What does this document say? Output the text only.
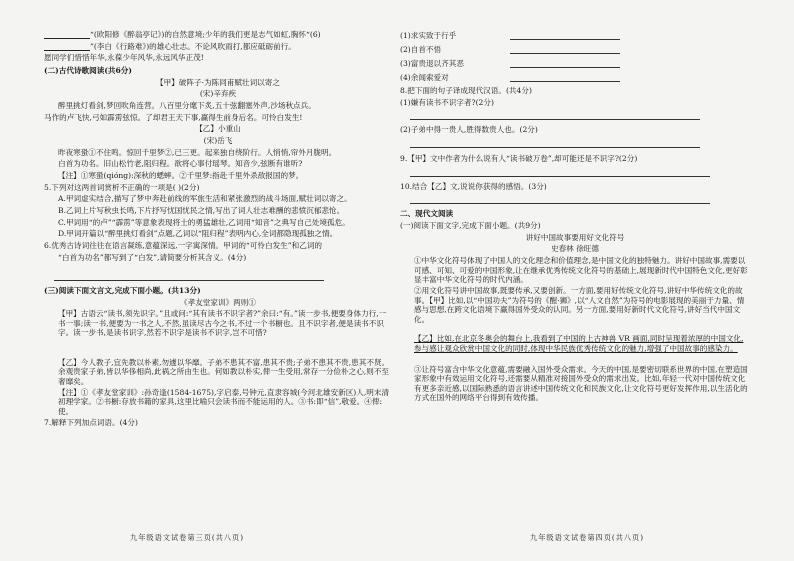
“(欧阳修《醉翁亭记》)的自然意境;少年的我们更是志气如虹,胸怀“(6)
”(李白《行路难》)的雄心壮志。不论风吹雨打,都应砥砺前行。
愿同学们惜惜年华,永葆少年风华,永远风华正茂!
(二)古代诗歌阅读(共6分)
【甲】破阵子·为陈同甫赋壮词以寄之
(宋)辛弃疾
醉里挑灯看剑,梦回吹角连营。八百里分麾下炙,五十弦翻塞外声,沙场秋点兵。
马作的卢飞快,弓如霹雳弦惊。了却君王天下事,赢得生前身后名。可怜白发生!
【乙】小重山
(宋)岳飞
昨夜寒蛩①不住鸣。惊回千里梦②,已三更。起来独自绕阶行。人悄悄,帘外月胧明。
白首为功名。旧山松竹老,阻归程。欲将心事付瑶琴。知音少,弦断有谁听?
【注】①寒蛩(qióng):深秋的蟋蟀。②千里梦:指赴千里外杀敌报国的梦。
5.下列对这两首词赏析不正确的一项是( )(2分)
A.甲词虚实结合,描写了梦中奔赴前线的军旅生活和紧张激烈的战斗场面,赋壮词以寄之。
B.乙词上片写秋虫长鸣,下片抒写忧国忧民之情,写出了词人壮志难酬的悲愤沉郁悲怆。
C.甲词用“的卢”“霹雳”等意象表现将士的勇猛雄壮,乙词用“知音”之典写自己处境孤危。
D.甲词开篇以“醉里挑灯看剑”点题,乙词以“阻归程”表明内心,全词都隐现孤独之情。
6.优秀古诗词往往在语言凝练,意蕴深远,一字寓深情。甲词的“可怜白发生”和乙词的
“白首为功名”都写到了“白发”,请简要分析其含义。(4分)
(三)阅读下面文言文,完成下面小题。(共13分)
《孝友堂家训》两则①
【甲】古语云“读书,须先识字。”且或问:“其有读书不识字者?”余曰:“有。”读一步书,便要身体力行,一书一事;读一书,便要为一书之人,不然,虽读尽古今之书,不过一个书橱也。且不识字者,便是读书不识字。读一步书,是读书识字,然若不识字是读书不识字,岂不可惜?
【乙】今人教子,宜先教以朴素,勿遽以华靡。子弟不患其不富,患其不贵;子弟不患其不贵,患其不贤。余观贵家子弟,皆以华侈相尚,此祸之所由生也。何如教以朴实,俾一生受用,常存一分俭朴之心,则不至奢靡矣。
【注】①《孝友堂家训》:孙奇逢(1584-1675),字启泰,号钟元,直隶容城(今河北雄安新区)人,明末清初理学家。②书橱:存放书籍的家具,这里比喻只会读书而不能运用的人。③书:即“信”,敬爱。④俾:使。
7.解释下列加点词语。(4分)
九年级语文试卷第三页(共八页)
(1)求实致于行乎
(2)自首不悟
(3)富贵退以齐其恶
(4)余闻索爱对
8.把下面的句子译成现代汉语。(共4分)
(1)嫌有读书不识字者?(2分)
(2)子弟中得一贵人,胜得数贵人也。(2分)
9.【甲】文中作者为什么说有人“读书破万卷”,却可能还是不识字?(2分)
10.结合【乙】文,说说你获得的感悟。(3分)
二、现代文阅读
(一)阅读下面文字,完成下面小题。(共9分)
讲好中国故事要用好文化符号
史春林 徐旺德
①中华文化符号体现了中国人的文化理念和价值理念,是中国文化的独特魅力。讲好中国故事,需要以可感、可知、可爱的中国形象,让在继承优秀传统文化符号的基础上,展现新时代中国特色文化,更好彰显丰富中华文化符号的时代内涵。
②用文化符号讲中国故事,既要传承,又要创新。一方面,要用好传统文化符号,讲好中华传统文化的故事。【甲】比如,以“中国功夫”为符号的《醒·狮》,以“人文自然”为符号的电影展现的美丽于力量、情感与思想,在跨文化语境下赢得国外受众的认同。另一方面,要用好新时代文化符号,讲好当代中国文化。
【乙】比如,在北京冬奥会的舞台上,我看到了中国的上古神兽 VR 画面,同时呈现着浓厚的中国文化,参与感让观众欣赏中国文化的同时,体现中华民族优秀传统文化的魅力,增强了中国故事的感染力。
③让符号富含中华文化意蕴,需要融入国外受众需求。今天的中国,是要密切联系世界的中国,在塑造国家形象中有效运用文化符号,还需要从精准对接国外受众的需求出发。比如,年轻一代对中国传统文化有更多亲近感,以国际熟悉的语言讲述中国传统文化和民族文化,让文化符号更好发挥作用,以生活化的方式在国外的网络平台得到有效传播。
九年级语文试卷第四页(共八页)
